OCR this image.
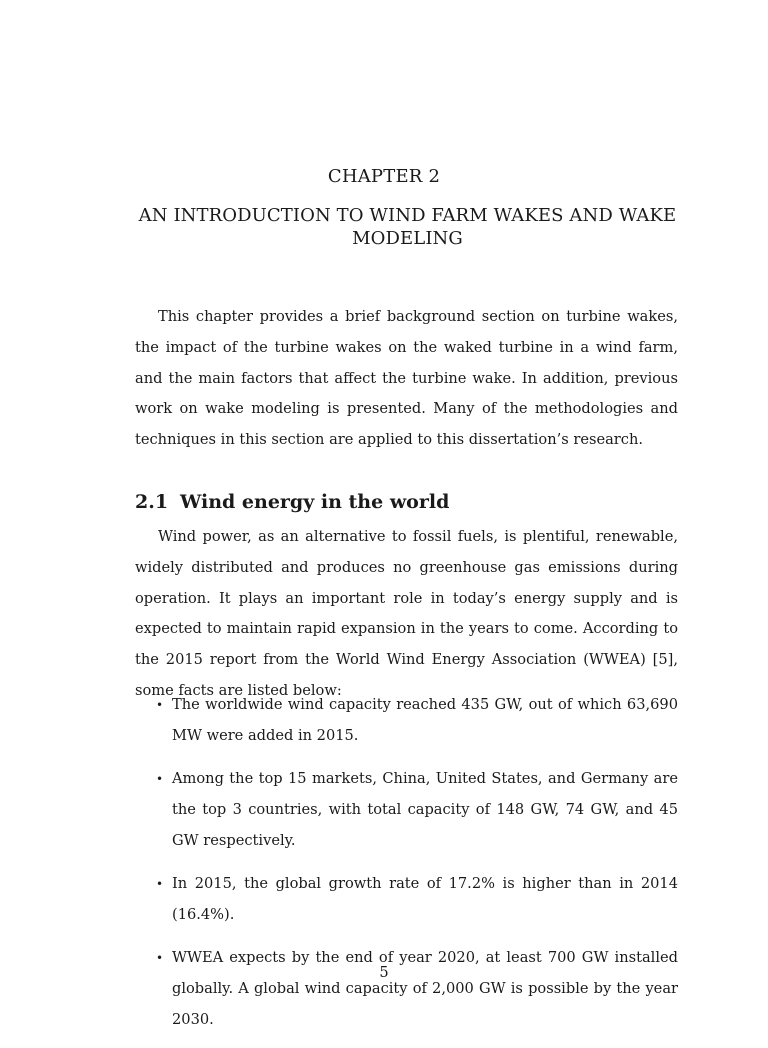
CHAPTER 2
AN INTRODUCTION TO WIND FARM WAKES AND WAKE MODELING

This chapter provides a brief background section on turbine wakes, the impact of the turbine wakes on the waked turbine in a wind farm, and the main factors that affect the turbine wake. In addition, previous work on wake modeling is presented. Many of the methodologies and techniques in this section are applied to this dissertation’s research.

2.1 Wind energy in the world

Wind power, as an alternative to fossil fuels, is plentiful, renewable, widely distributed and produces no greenhouse gas emissions during operation. It plays an important role in today’s energy supply and is expected to maintain rapid expansion in the years to come. According to the 2015 report from the World Wind Energy Association (WWEA) [5], some facts are listed below:

• The worldwide wind capacity reached 435 GW, out of which 63,690 MW were added in 2015.
• Among the top 15 markets, China, United States, and Germany are the top 3 countries, with total capacity of 148 GW, 74 GW, and 45 GW respectively.
• In 2015, the global growth rate of 17.2% is higher than in 2014 (16.4%).
• WWEA expects by the end of year 2020, at least 700 GW installed globally. A global wind capacity of 2,000 GW is possible by the year 2030.
5
